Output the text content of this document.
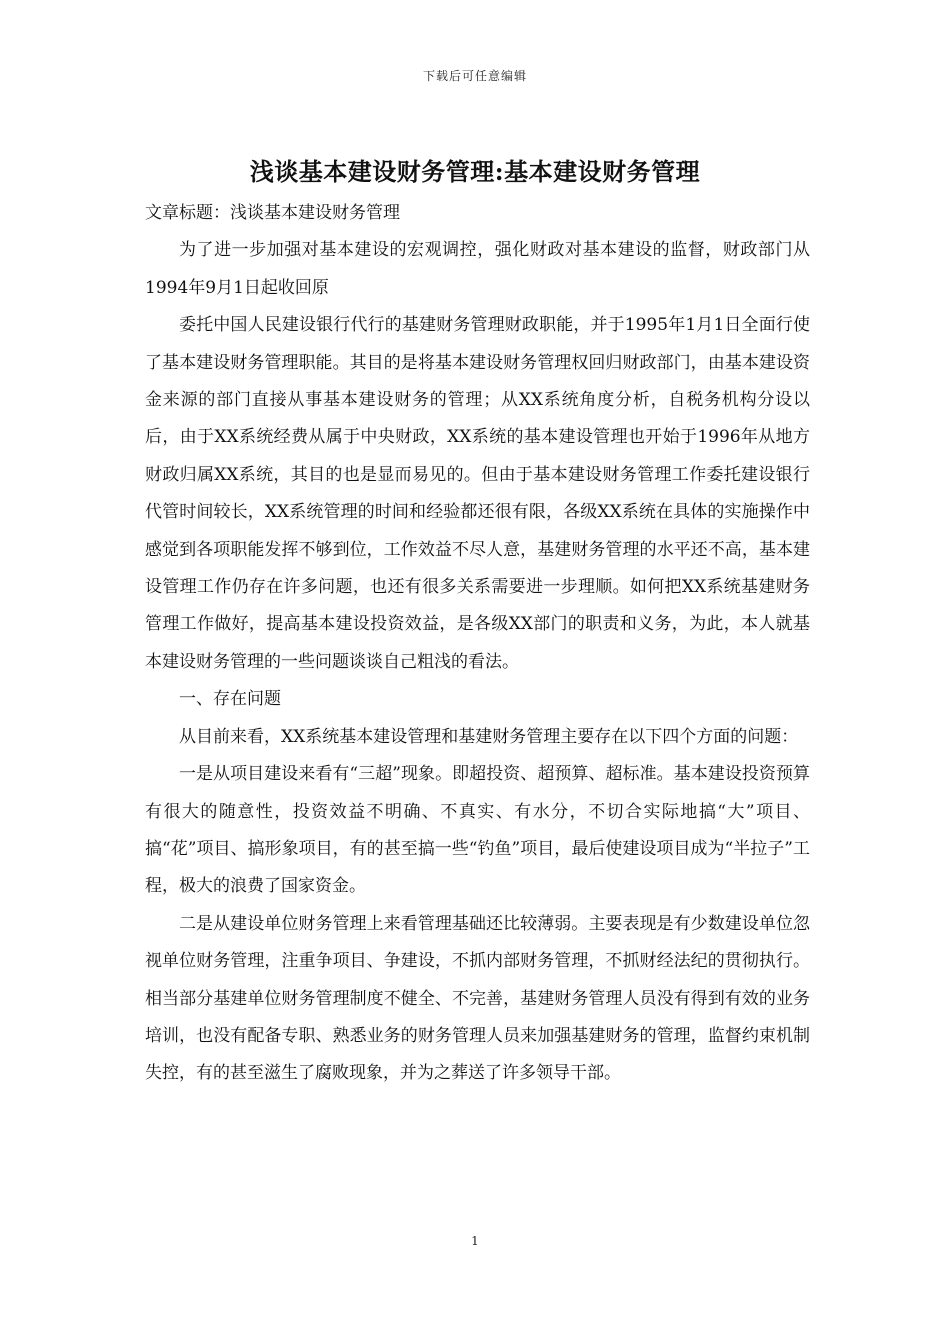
下载后可任意编辑
浅谈基本建设财务管理:基本建设财务管理

文章标题：浅谈基本建设财务管理

为了进一步加强对基本建设的宏观调控，强化财政对基本建设的监督，财政部门从1994年9月1日起收回原

委托中国人民建设银行代行的基建财务管理财政职能，并于1995年1月1日全面行使了基本建设财务管理职能。其目的是将基本建设财务管理权回归财政部门，由基本建设资金来源的部门直接从事基本建设财务的管理；从XX系统角度分析，自税务机构分设以后，由于XX系统经费从属于中央财政，XX系统的基本建设管理也开始于1996年从地方财政归属XX系统，其目的也是显而易见的。但由于基本建设财务管理工作委托建设银行代管时间较长，XX系统管理的时间和经验都还很有限，各级XX系统在具体的实施操作中感觉到各项职能发挥不够到位，工作效益不尽人意，基建财务管理的水平还不高，基本建设管理工作仍存在许多问题，也还有很多关系需要进一步理顺。如何把XX系统基建财务管理工作做好，提高基本建设投资效益，是各级XX部门的职责和义务，为此，本人就基本建设财务管理的一些问题谈谈自己粗浅的看法。

一、存在问题

从目前来看，XX系统基本建设管理和基建财务管理主要存在以下四个方面的问题：

一是从项目建设来看有“三超”现象。即超投资、超预算、超标准。基本建设投资预算有很大的随意性，投资效益不明确、不真实、有水分，不切合实际地搞“大”项目、搞“花”项目、搞形象项目，有的甚至搞一些“钓鱼”项目，最后使建设项目成为“半拉子”工程，极大的浪费了国家资金。

二是从建设单位财务管理上来看管理基础还比较薄弱。主要表现是有少数建设单位忽视单位财务管理，注重争项目、争建设，不抓内部财务管理，不抓财经法纪的贯彻执行。相当部分基建单位财务管理制度不健全、不完善，基建财务管理人员没有得到有效的业务培训，也没有配备专职、熟悉业务的财务管理人员来加强基建财务的管理，监督约束机制失控，有的甚至滋生了腐败现象，并为之葬送了许多领导干部。

1
